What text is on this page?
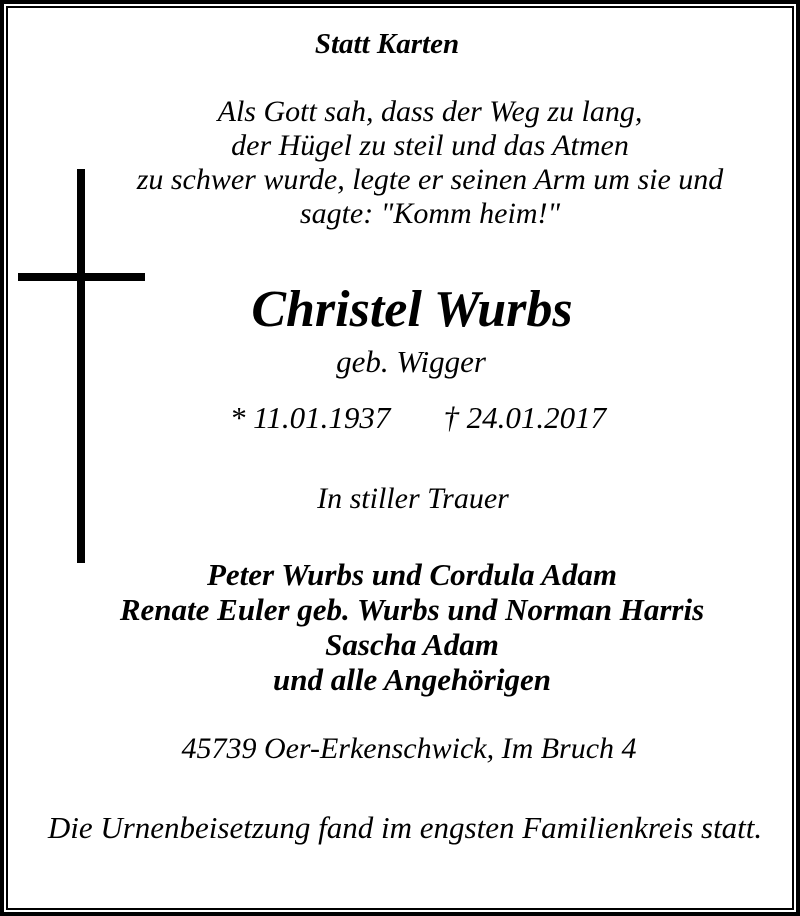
Statt Karten
Als Gott sah, dass der Weg zu lang,
der Hügel zu steil und das Atmen
zu schwer wurde, legte er seinen Arm um sie und
sagte: "Komm heim!"
Christel Wurbs
geb. Wigger
* 11.01.1937 † 24.01.2017
In stiller Trauer
Peter Wurbs und Cordula Adam
Renate Euler geb. Wurbs und Norman Harris
Sascha Adam
und alle Angehörigen
45739 Oer-Erkenschwick, Im Bruch 4
Die Urnenbeisetzung fand im engsten Familienkreis statt.
